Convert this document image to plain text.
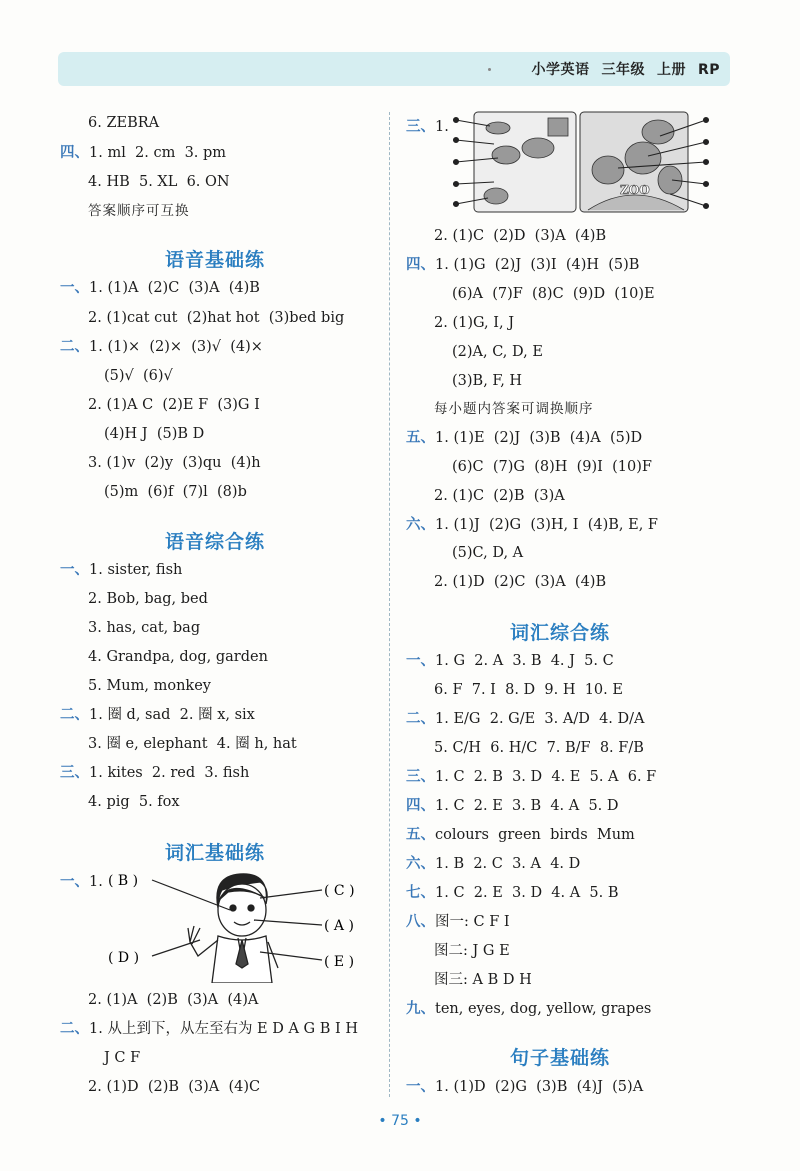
小学英语 三年级 上册 RP
6. ZEBRA
四、1. ml  2. cm  3. pm
4. HB  5. XL  6. ON
答案顺序可互换
一、1. (1)A  (2)C  (3)A  (4)B
2. (1)cat cut  (2)hat hot  (3)bed big
二、1. (1)×  (2)×  (3)√  (4)×
(5)√  (6)√
2. (1)A C  (2)E F  (3)G I
(4)H J  (5)B D
3. (1)v  (2)y  (3)qu  (4)h
(5)m  (6)f  (7)l  (8)b
一、1. sister, fish
2. Bob, bag, bed
3. has, cat, bag
4. Grandpa, dog, garden
5. Mum, monkey
二、1. 圈 d, sad  2. 圈 x, six
3. 圈 e, elephant  4. 圈 h, hat
三、1. kites  2. red  3. fish
4. pig  5. fox
一、1.
2. (1)A  (2)B  (3)A  (4)A
二、1. 从上到下，从左至右为 E D A G B I H
J C F
2. (1)D  (2)B  (3)A  (4)C
三、1.
2. (1)C  (2)D  (3)A  (4)B
四、1. (1)G  (2)J  (3)I  (4)H  (5)B
(6)A  (7)F  (8)C  (9)D  (10)E
2. (1)G, I, J
(2)A, C, D, E
(3)B, F, H
每小题内答案可调换顺序
五、1. (1)E  (2)J  (3)B  (4)A  (5)D
(6)C  (7)G  (8)H  (9)I  (10)F
2. (1)C  (2)B  (3)A
六、1. (1)J  (2)G  (3)H, I  (4)B, E, F
(5)C, D, A
2. (1)D  (2)C  (3)A  (4)B
一、1. G  2. A  3. B  4. J  5. C
6. F  7. I  8. D  9. H  10. E
二、1. E/G  2. G/E  3. A/D  4. D/A
5. C/H  6. H/C  7. B/F  8. F/B
三、1. C  2. B  3. D  4. E  5. A  6. F
四、1. C  2. E  3. B  4. A  5. D
五、colours  green  birds  Mum
六、1. B  2. C  3. A  4. D
七、1. C  2. E  3. D  4. A  5. B
八、图一: C F I
图二: J G E
图三: A B D H
九、ten, eyes, dog, yellow, grapes
一、1. (1)D  (2)G  (3)B  (4)J  (5)A
语音基础练
语音综合练
词汇基础练
词汇综合练
句子基础练
( B )
( D )
( C )
( A )
( E )
ZOO
• 75 •
